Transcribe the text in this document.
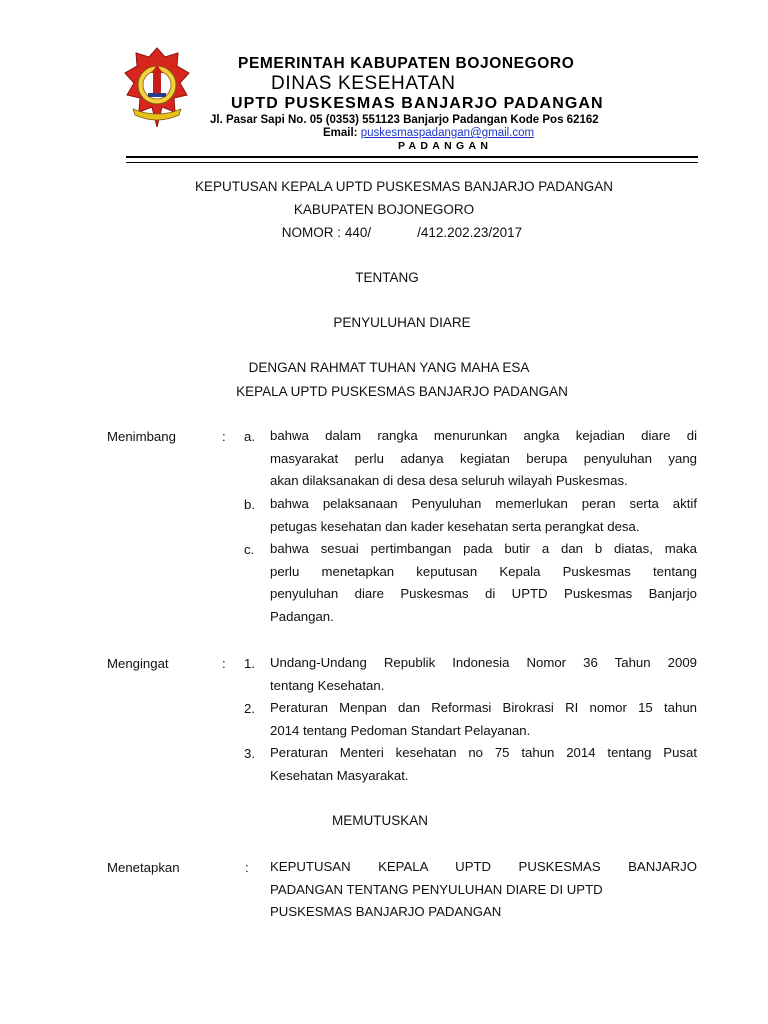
PEMERINTAH KABUPATEN BOJONEGORO
DINAS KESEHATAN
UPTD PUSKESMAS BANJARJO PADANGAN
Jl. Pasar Sapi No. 05 (0353) 551123 Banjarjo Padangan Kode Pos 62162
Email: puskesmaspadangan@gmail.com
PADANGAN
KEPUTUSAN KEPALA UPTD PUSKESMAS BANJARJO PADANGAN
KABUPATEN BOJONEGORO
NOMOR : 440/	/412.202.23/2017
TENTANG
PENYULUHAN DIARE
DENGAN RAHMAT TUHAN YANG MAHA ESA
KEPALA UPTD PUSKESMAS BANJARJO PADANGAN
Menimbang	: a. bahwa dalam rangka menurunkan angka kejadian diare di
masyarakat perlu adanya kegiatan berupa penyuluhan yang
akan dilaksanakan di desa desa seluruh wilayah Puskesmas.
b. bahwa pelaksanaan Penyuluhan memerlukan peran serta aktif
petugas kesehatan dan kader kesehatan serta perangkat desa.
c. bahwa sesuai pertimbangan pada butir a dan b diatas, maka
perlu menetapkan keputusan Kepala Puskesmas tentang
penyuluhan diare Puskesmas di UPTD Puskesmas Banjarjo
Padangan.
Mengingat	: 1. Undang-Undang Republik Indonesia Nomor 36 Tahun 2009
tentang Kesehatan.
2. Peraturan Menpan dan Reformasi Birokrasi RI nomor 15 tahun
2014 tentang Pedoman Standart Pelayanan.
3. Peraturan Menteri kesehatan no 75 tahun 2014 tentang Pusat
Kesehatan Masyarakat.
MEMUTUSKAN
Menetapkan	: KEPUTUSAN KEPALA UPTD PUSKESMAS BANJARJO
PADANGAN TENTANG PENYULUHAN DIARE DI UPTD
PUSKESMAS BANJARJO PADANGAN
